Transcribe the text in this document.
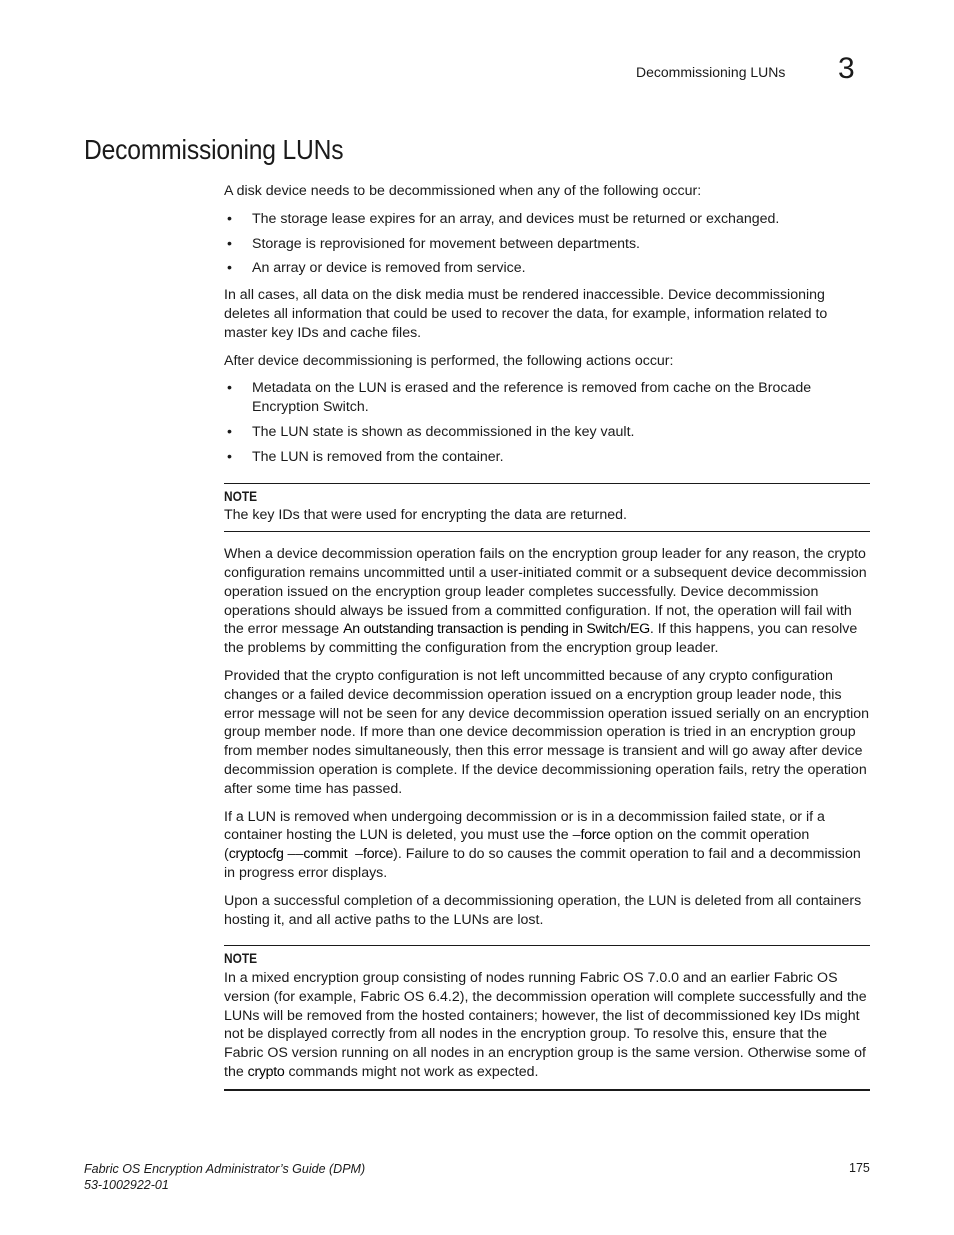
Decommissioning LUNs 3
Decommissioning LUNs

A disk device needs to be decommissioned when any of the following occur:

• The storage lease expires for an array, and devices must be returned or exchanged.
• Storage is reprovisioned for movement between departments.
• An array or device is removed from service.

In all cases, all data on the disk media must be rendered inaccessible. Device decommissioning deletes all information that could be used to recover the data, for example, information related to master key IDs and cache files.

After device decommissioning is performed, the following actions occur:

• Metadata on the LUN is erased and the reference is removed from cache on the Brocade Encryption Switch.
• The LUN state is shown as decommissioned in the key vault.
• The LUN is removed from the container.
NOTE
The key IDs that were used for encrypting the data are returned.

When a device decommission operation fails on the encryption group leader for any reason, the crypto configuration remains uncommitted until a user-initiated commit or a subsequent device decommission operation issued on the encryption group leader completes successfully. Device decommission operations should always be issued from a committed configuration. If not, the operation will fail with the error message An outstanding transaction is pending in Switch/EG. If this happens, you can resolve the problems by committing the configuration from the encryption group leader.

Provided that the crypto configuration is not left uncommitted because of any crypto configuration changes or a failed device decommission operation issued on a encryption group leader node, this error message will not be seen for any device decommission operation issued serially on an encryption group member node. If more than one device decommission operation is tried in an encryption group from member nodes simultaneously, then this error message is transient and will go away after device decommission operation is complete. If the device decommissioning operation fails, retry the operation after some time has passed.

If a LUN is removed when undergoing decommission or is in a decommission failed state, or if a container hosting the LUN is deleted, you must use the –force option on the commit operation (cryptocfg ––commit  –force). Failure to do so causes the commit operation to fail and a decommission in progress error displays.

Upon a successful completion of a decommissioning operation, the LUN is deleted from all containers hosting it, and all active paths to the LUNs are lost.

NOTE
In a mixed encryption group consisting of nodes running Fabric OS 7.0.0 and an earlier Fabric OS version (for example, Fabric OS 6.4.2), the decommission operation will complete successfully and the LUNs will be removed from the hosted containers; however, the list of decommissioned key IDs might not be displayed correctly from all nodes in the encryption group. To resolve this, ensure that the Fabric OS version running on all nodes in an encryption group is the same version. Otherwise some of the crypto commands might not work as expected.
Fabric OS Encryption Administrator’s Guide (DPM)
53-1002922-01
175
